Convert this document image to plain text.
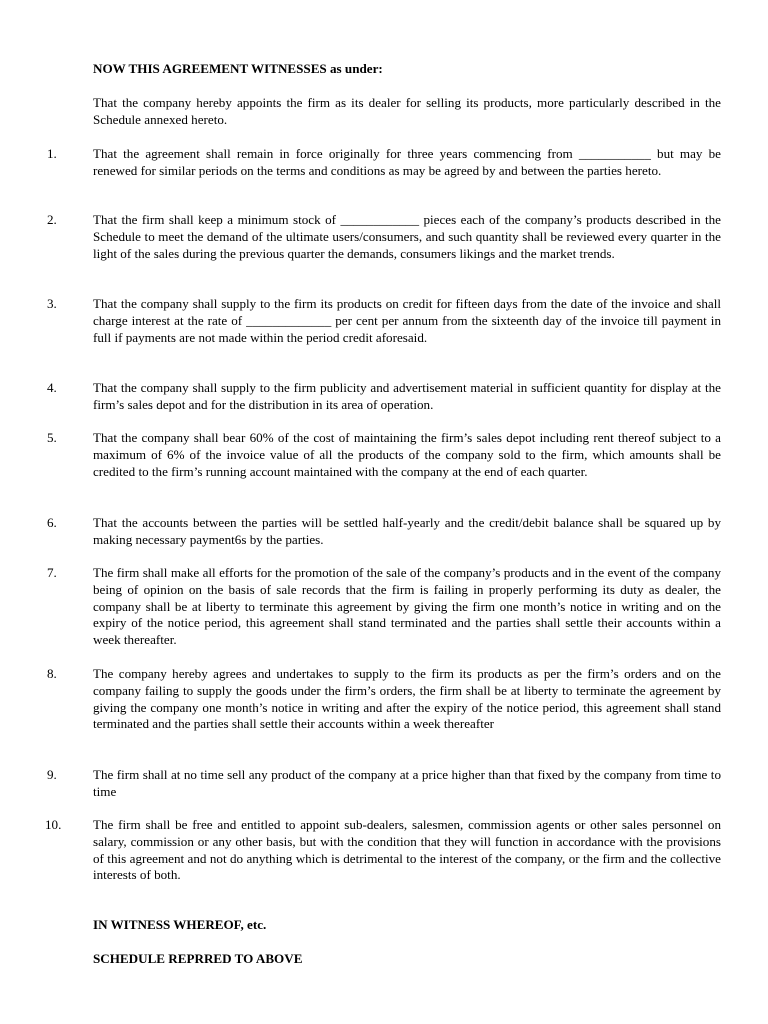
NOW THIS AGREEMENT WITNESSES as under:

That the company hereby appoints the firm as its dealer for selling its products, more particularly described in the Schedule annexed hereto.

1.	That the agreement shall remain in force originally for three years commencing from ___________ but may be renewed for similar periods on the terms and conditions as may be agreed by and between the parties hereto.

2.	That the firm shall keep a minimum stock of ____________ pieces each of the company’s products described in the Schedule to meet the demand of the ultimate users/consumers, and such quantity shall be reviewed every quarter in the light of the sales during the previous quarter the demands, consumers likings and the market trends.

3.	That the company shall supply to the firm its products on credit for fifteen days from the date of the invoice and shall charge interest at the rate of _____________ per cent per annum from the sixteenth day of the invoice till payment in full if payments are not made within the period credit aforesaid.

4.	That the company shall supply to the firm publicity and advertisement material in sufficient quantity for display at the firm’s sales depot and for the distribution in its area of operation.

5.	That the company shall bear 60% of the cost of maintaining the firm’s sales depot including rent thereof subject to a maximum of 6% of the invoice value of all the products of the company sold to the firm, which amounts shall be credited to the firm’s running account maintained with the company at the end of each quarter.

6.	That the accounts between the parties will be settled half-yearly and the credit/debit balance shall be squared up by making necessary payment6s by the parties.

7.	The firm shall make all efforts for the promotion of the sale of the company’s products and in the event of the company being of opinion on the basis of sale records that the firm is failing in properly performing its duty as dealer, the company shall be at liberty to terminate this agreement by giving the firm one month’s notice in writing and on the expiry of the notice period, this agreement shall stand terminated and the parties shall settle their accounts within a week thereafter.

8.	The company hereby agrees and undertakes to supply to the firm its products as per the firm’s orders and on the company failing to supply the goods under the firm’s orders, the firm shall be at liberty to terminate the agreement by giving the company one month’s notice in writing and after the expiry of the notice period, this agreement shall stand terminated and the parties shall settle their accounts within a week thereafter

9.	The firm shall at no time sell any product of the company at a price higher than that fixed by the company from time to time

10. The firm shall be free and entitled to appoint sub-dealers, salesmen, commission agents or other sales personnel on salary, commission or any other basis, but with the condition that they will function in accordance with the provisions of this agreement and not do anything which is detrimental to the interest of the company, or the firm and the collective interests of both.

IN WITNESS WHEREOF, etc.

SCHEDULE REPRRED TO ABOVE
